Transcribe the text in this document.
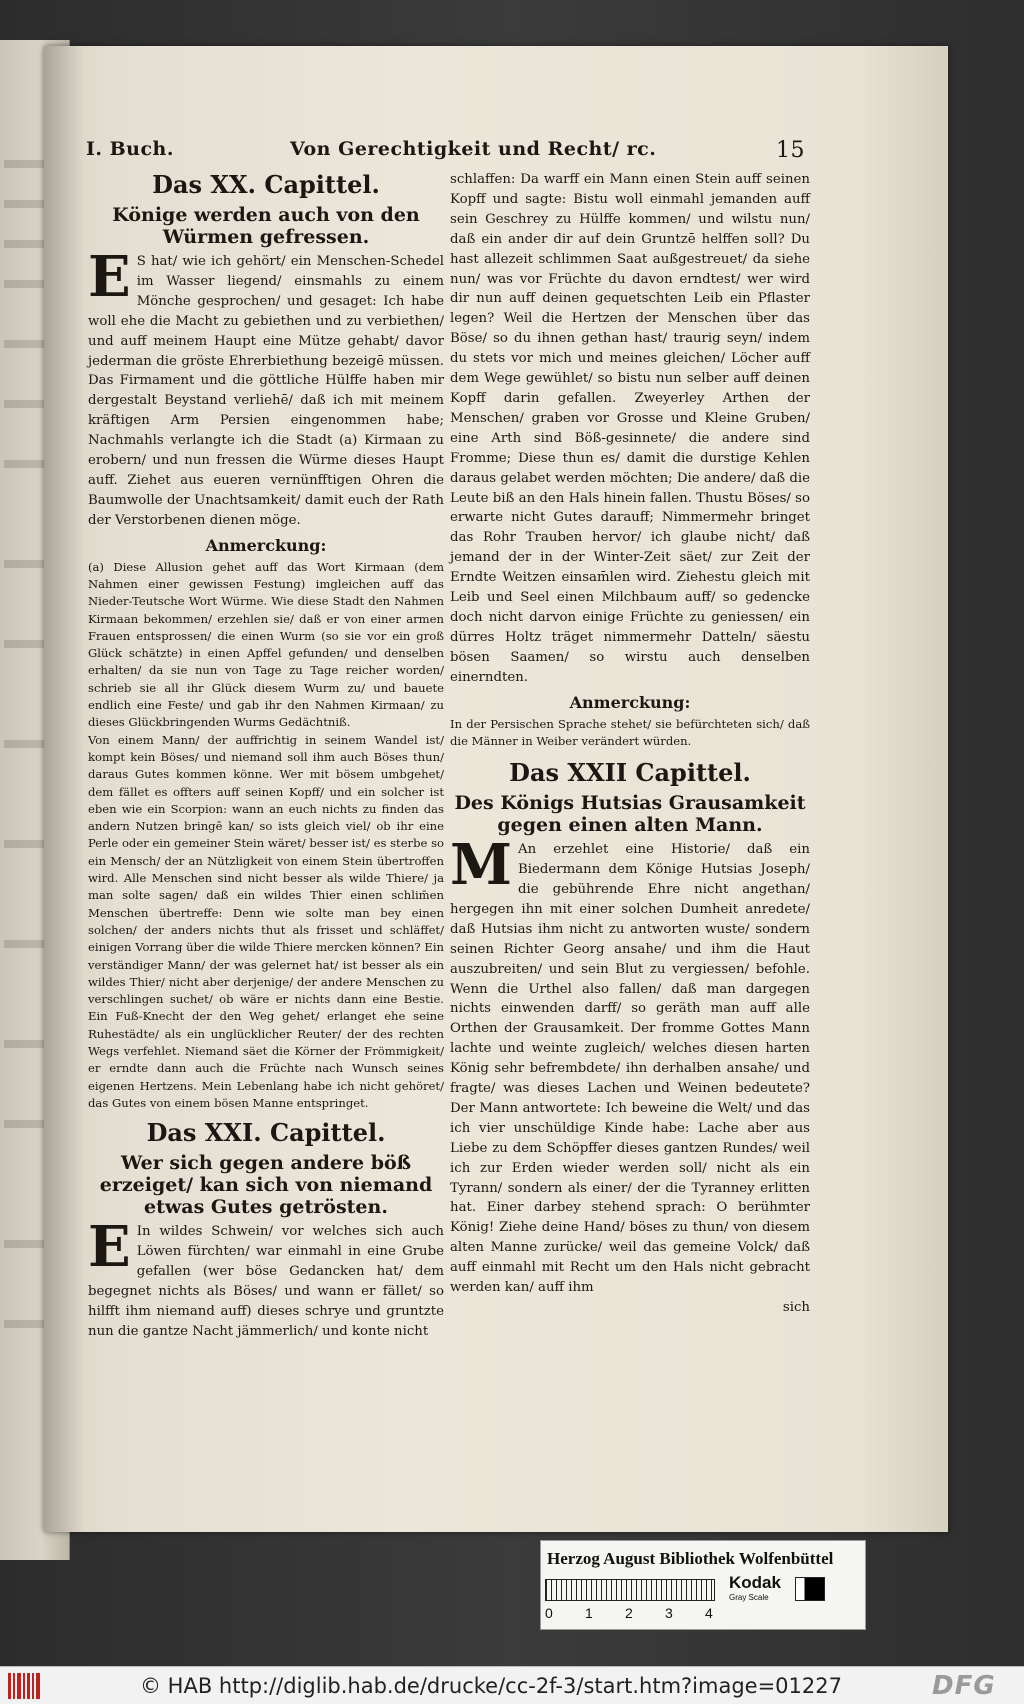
I. Buch.	Von Gerechtigkeit und Recht/ rc.	15
Das XX. Capittel.
Könige werden auch von den Würmen gefressen.
E S hat/ wie ich gehört/ ein Menschen-Schedel im Wasser liegend/ einsmahls zu einem Mönche gesprochen/ und gesaget: Ich habe woll ehe die Macht zu gebiethen und zu verbiethen/ und auff meinem Haupt eine Mütze gehabt/ davor jederman die gröste Ehrerbiethung bezeigē müssen. Das Firmament und die göttliche Hülffe haben mir dergestalt Beystand verliehē/ daß ich mit meinem kräftigen Arm Persien eingenommen habe; Nachmahls verlangte ich die Stadt (a) Kirmaan zu erobern/ und nun fressen die Würme dieses Haupt auff. Ziehet aus eueren vernünfftigen Ohren die Baumwolle der Unachtsamkeit/ damit euch der Rath der Verstorbenen dienen möge.
Anmerckung:
(a) Diese Allusion gehet auff das Wort Kirmaan (dem Nahmen einer gewissen Festung) imgleichen auff das Nieder-Teutsche Wort Würme. Wie diese Stadt den Nahmen Kirmaan bekommen/ erzehlen sie/ daß er von einer armen Frauen entsprossen/ die einen Wurm (so sie vor ein groß Glück schätzte) in einen Apffel gefunden/ und denselben erhalten/ da sie nun von Tage zu Tage reicher worden/ schrieb sie all ihr Glück diesem Wurm zu/ und bauete endlich eine Feste/ und gab ihr den Nahmen Kirmaan/ zu dieses Glückbringenden Wurms Gedächtniß.
Von einem Mann/ der auffrichtig in seinem Wandel ist/ kompt kein Böses/ und niemand soll ihm auch Böses thun/ daraus Gutes kommen könne. Wer mit bösem umbgehet/ dem fället es offters auff seinen Kopff/ und ein solcher ist eben wie ein Scorpion: wann an euch nichts zu finden das andern Nutzen bringē kan/ so ists gleich viel/ ob ihr eine Perle oder ein gemeiner Stein wäret/ besser ist/ es sterbe so ein Mensch/ der an Nützligkeit von einem Stein übertroffen wird. Alle Menschen sind nicht besser als wilde Thiere/ ja man solte sagen/ daß ein wildes Thier einen schlim̄en Menschen übertreffe: Denn wie solte man bey einen solchen/ der anders nichts thut als frisset und schläffet/ einigen Vorrang über die wilde Thiere mercken können? Ein verständiger Mann/ der was gelernet hat/ ist besser als ein wildes Thier/ nicht aber derjenige/ der andere Menschen zu verschlingen suchet/ ob wäre er nichts dann eine Bestie. Ein Fuß-Knecht der den Weg gehet/ erlanget ehe seine Ruhestädte/ als ein unglücklicher Reuter/ der des rechten Wegs verfehlet. Niemand säet die Körner der Frömmigkeit/ er erndte dann auch die Früchte nach Wunsch seines eigenen Hertzens. Mein Lebenlang habe ich nicht gehöret/ das Gutes von einem bösen Manne entspringet.
Das XXI. Capittel.
Wer sich gegen andere böß erzeiget/ kan sich von niemand etwas Gutes getrösten.
E In wildes Schwein/ vor welches sich auch Löwen fürchten/ war einmahl in eine Grube gefallen (wer böse Gedancken hat/ dem begegnet nichts als Böses/ und wann er fället/ so hilfft ihm niemand auff) dieses schrye und gruntzte nun die gantze Nacht jämmerlich/ und konte nicht
schlaffen: Da warff ein Mann einen Stein auff seinen Kopff und sagte: Bistu woll einmahl jemanden auff sein Geschrey zu Hülffe kommen/ und wilstu nun/ daß ein ander dir auf dein Gruntzē helffen soll? Du hast allezeit schlimmen Saat außgestreuet/ da siehe nun/ was vor Früchte du davon erndtest/ wer wird dir nun auff deinen gequetschten Leib ein Pflaster legen? Weil die Hertzen der Menschen über das Böse/ so du ihnen gethan hast/ traurig seyn/ indem du stets vor mich und meines gleichen/ Löcher auff dem Wege gewühlet/ so bistu nun selber auff deinen Kopff darin gefallen. Zweyerley Arthen der Menschen/ graben vor Grosse und Kleine Gruben/ eine Arth sind Böß-gesinnete/ die andere sind Fromme; Diese thun es/ damit die durstige Kehlen daraus gelabet werden möchten; Die andere/ daß die Leute biß an den Hals hinein fallen. Thustu Böses/ so erwarte nicht Gutes darauff; Nimmermehr bringet das Rohr Trauben hervor/ ich glaube nicht/ daß jemand der in der Winter-Zeit säet/ zur Zeit der Erndte Weitzen einsam̄len wird. Ziehestu gleich mit Leib und Seel einen Milchbaum auff/ so gedencke doch nicht darvon einige Früchte zu geniessen/ ein dürres Holtz träget nimmermehr Datteln/ säestu bösen Saamen/ so wirstu auch denselben einerndten.
Anmerckung:
In der Persischen Sprache stehet/ sie befürchteten sich/ daß die Männer in Weiber verändert würden.
Das XXII Capittel.
Des Königs Hutsias Grausamkeit gegen einen alten Mann.
M An erzehlet eine Historie/ daß ein Biedermann dem Könige Hutsias Joseph/ die gebührende Ehre nicht angethan/ hergegen ihn mit einer solchen Dumheit anredete/ daß Hutsias ihm nicht zu antworten wuste/ sondern seinen Richter Georg ansahe/ und ihm die Haut auszubreiten/ und sein Blut zu vergiessen/ befohle. Wenn die Urthel also fallen/ daß man dargegen nichts einwenden darff/ so geräth man auff alle Orthen der Grausamkeit. Der fromme Gottes Mann lachte und weinte zugleich/ welches diesen harten König sehr befrembdete/ ihn derhalben ansahe/ und fragte/ was dieses Lachen und Weinen bedeutete? Der Mann antwortete: Ich beweine die Welt/ und das ich vier unschüldige Kinde habe: Lache aber aus Liebe zu dem Schöpffer dieses gantzen Rundes/ weil ich zur Erden wieder werden soll/ nicht als ein Tyrann/ sondern als einer/ der die Tyranney erlitten hat. Einer darbey stehend sprach: O berühmter König! Ziehe deine Hand/ böses zu thun/ von diesem alten Manne zurücke/ weil das gemeine Volck/ daß auff einmahl mit Recht um den Hals nicht gebracht werden kan/ auff ihm
sich
Herzog August Bibliothek Wolfenbüttel
0 1 2 3 4
Kodak
Gray Scale
© HAB http://diglib.hab.de/drucke/cc-2f-3/start.htm?image=01227	DFG
